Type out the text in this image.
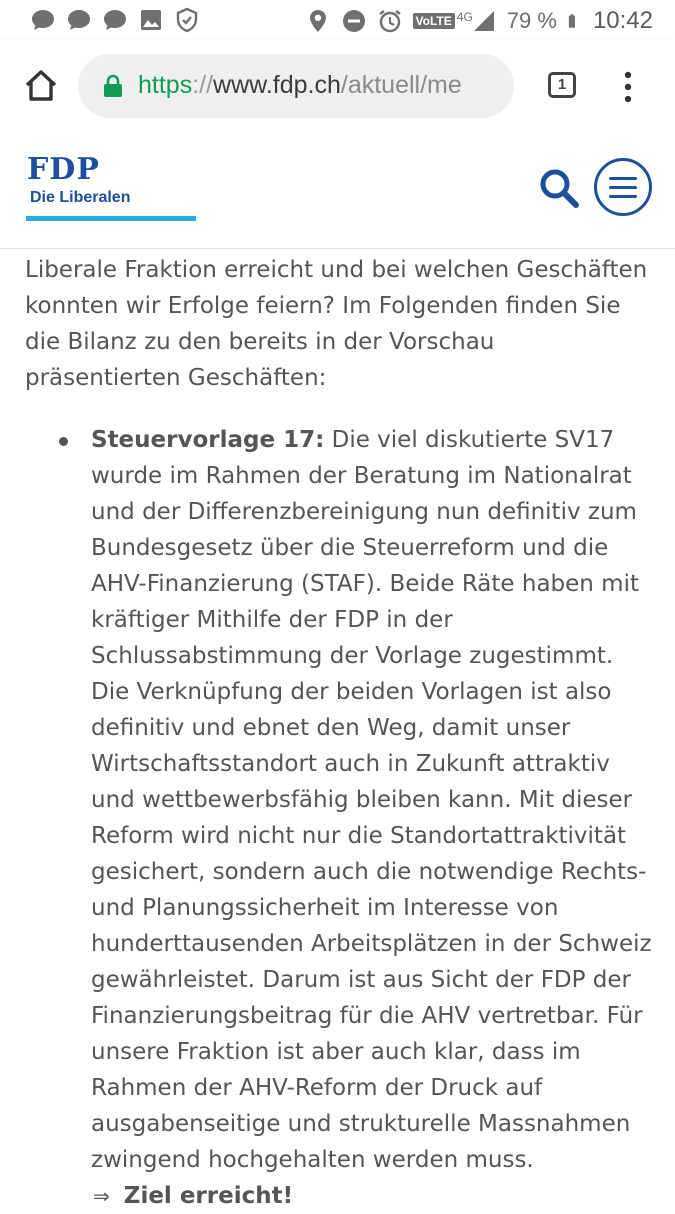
VoLTE 4G 79 % 10:42
https://www.fdp.ch/aktuell/me	1
FDP
Die Liberalen

Liberale Fraktion erreicht und bei welchen Geschäften konnten wir Erfolge feiern? Im Folgenden finden Sie die Bilanz zu den bereits in der Vorschau präsentierten Geschäften:

Steuervorlage 17: Die viel diskutierte SV17 wurde im Rahmen der Beratung im Nationalrat und der Differenzbereinigung nun definitiv zum Bundesgesetz über die Steuerreform und die AHV-Finanzierung (STAF). Beide Räte haben mit kräftiger Mithilfe der FDP in der Schlussabstimmung der Vorlage zugestimmt. Die Verknüpfung der beiden Vorlagen ist also definitiv und ebnet den Weg, damit unser Wirtschaftsstandort auch in Zukunft attraktiv und wettbewerbsfähig bleiben kann. Mit dieser Reform wird nicht nur die Standortattraktivität gesichert, sondern auch die notwendige Rechts- und Planungssicherheit im Interesse von hunderttausenden Arbeitsplätzen in der Schweiz gewährleistet. Darum ist aus Sicht der FDP der Finanzierungsbeitrag für die AHV vertretbar. Für unsere Fraktion ist aber auch klar, dass im Rahmen der AHV-Reform der Druck auf ausgabenseitige und strukturelle Massnahmen zwingend hochgehalten werden muss.
⇒ Ziel erreicht!
